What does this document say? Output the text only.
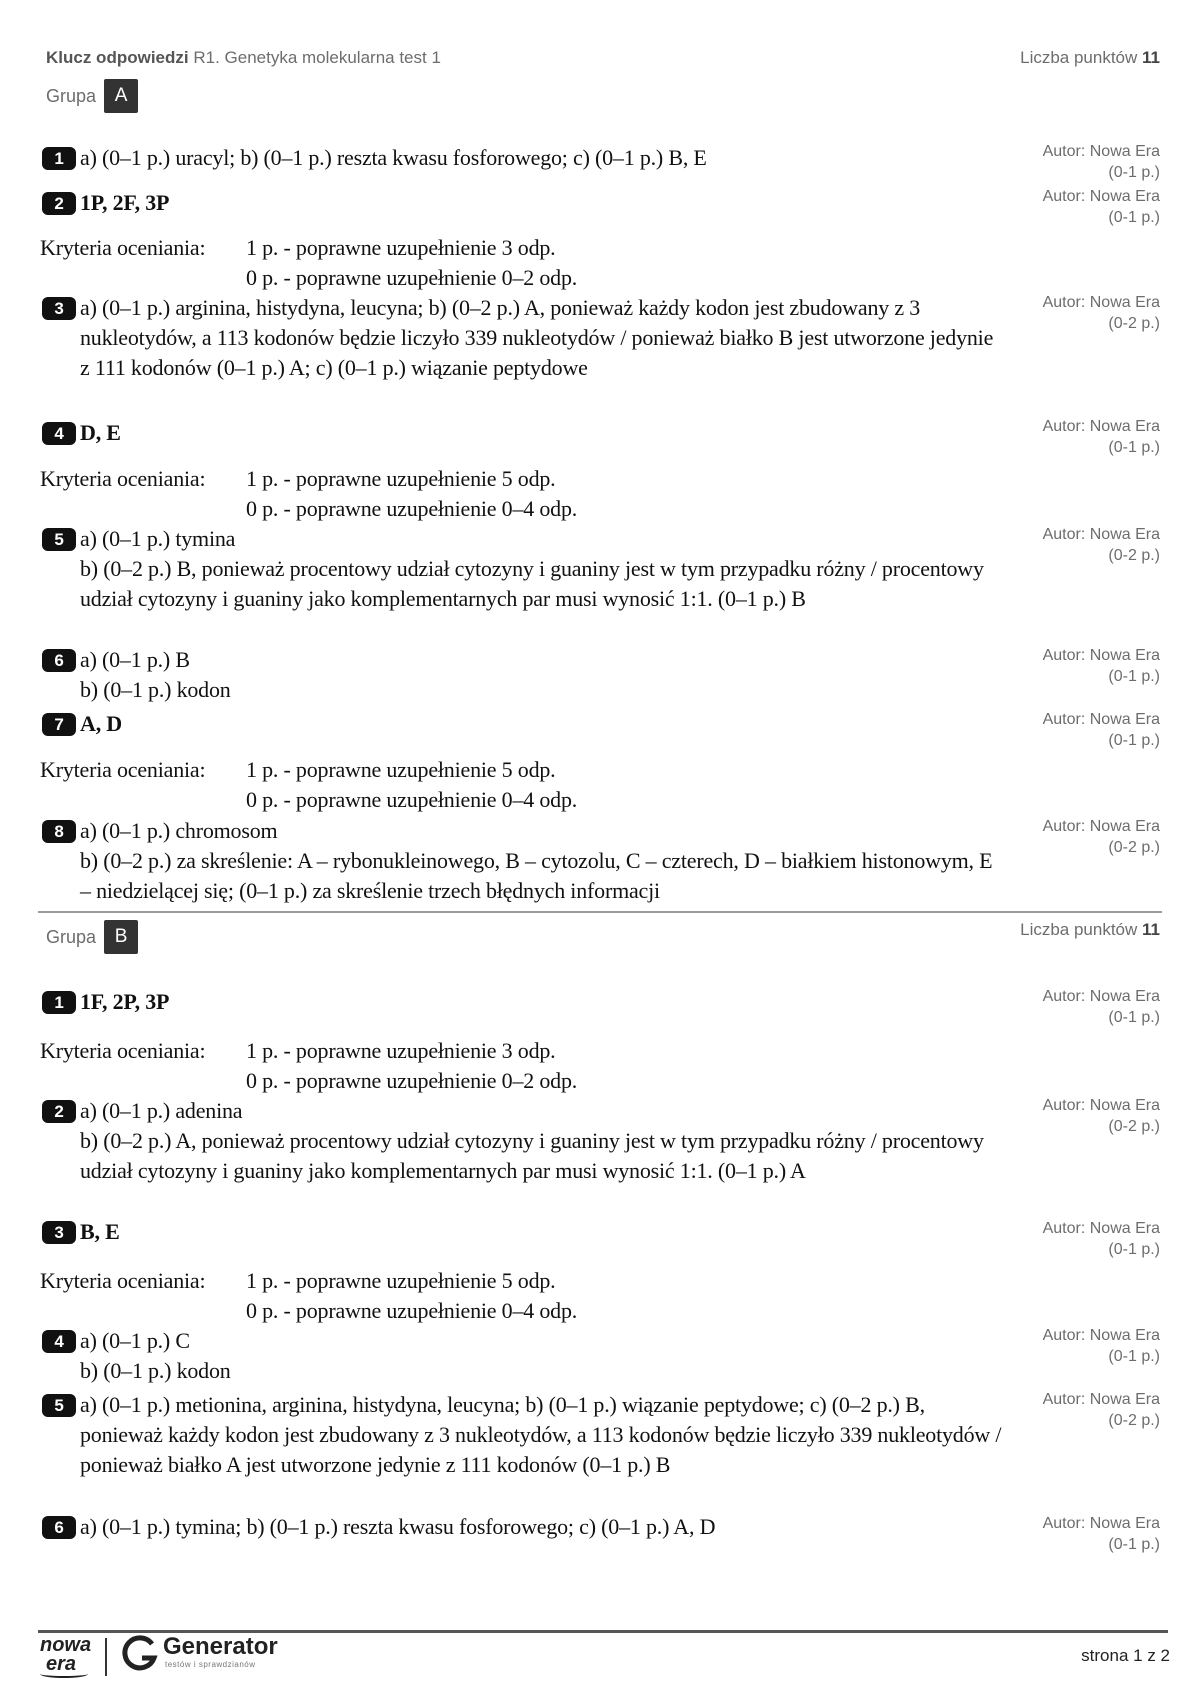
Klucz odpowiedzi R1. Genetyka molekularna test 1	Liczba punktów 11
Grupa A
1 a) (0–1 p.) uracyl; b) (0–1 p.) reszta kwasu fosforowego; c) (0–1 p.) B, E	Autor: Nowa Era
(0-1 p.)
2 1P, 2F, 3P	Autor: Nowa Era
(0-1 p.)
Kryteria oceniania:	1 p. - poprawne uzupełnienie 3 odp.
0 p. - poprawne uzupełnienie 0–2 odp.
3 a) (0–1 p.) arginina, histydyna, leucyna; b) (0–2 p.) A, ponieważ każdy kodon jest zbudowany z 3 nukleotydów, a 113 kodonów będzie liczyło 339 nukleotydów / ponieważ białko B jest utworzone jedynie z 111 kodonów (0–1 p.) A; c) (0–1 p.) wiązanie peptydowe
Autor: Nowa Era
(0-2 p.)
4 D, E	Autor: Nowa Era
(0-1 p.)
Kryteria oceniania:	1 p. - poprawne uzupełnienie 5 odp.
0 p. - poprawne uzupełnienie 0–4 odp.
5 a) (0–1 p.) tymina
b) (0–2 p.) B, ponieważ procentowy udział cytozyny i guaniny jest w tym przypadku różny / procentowy udział cytozyny i guaniny jako komplementarnych par musi wynosić 1:1. (0–1 p.) B
Autor: Nowa Era
(0-2 p.)
6 a) (0–1 p.) B
b) (0–1 p.) kodon
Autor: Nowa Era
(0-1 p.)
7 A, D	Autor: Nowa Era
(0-1 p.)
Kryteria oceniania:	1 p. - poprawne uzupełnienie 5 odp.
0 p. - poprawne uzupełnienie 0–4 odp.
8 a) (0–1 p.) chromosom
b) (0–2 p.) za skreślenie: A – rybonukleinowego, B – cytozolu, C – czterech, D – białkiem histonowym, E – niedzielącej się; (0–1 p.) za skreślenie trzech błędnych informacji
Autor: Nowa Era
(0-2 p.)
Liczba punktów 11
Grupa B
1 1F, 2P, 3P	Autor: Nowa Era
(0-1 p.)
Kryteria oceniania:	1 p. - poprawne uzupełnienie 3 odp.
0 p. - poprawne uzupełnienie 0–2 odp.
2 a) (0–1 p.) adenina
b) (0–2 p.) A, ponieważ procentowy udział cytozyny i guaniny jest w tym przypadku różny / procentowy udział cytozyny i guaniny jako komplementarnych par musi wynosić 1:1. (0–1 p.) A
Autor: Nowa Era
(0-2 p.)
3 B, E	Autor: Nowa Era
(0-1 p.)
Kryteria oceniania:	1 p. - poprawne uzupełnienie 5 odp.
0 p. - poprawne uzupełnienie 0–4 odp.
4 a) (0–1 p.) C
b) (0–1 p.) kodon
Autor: Nowa Era
(0-1 p.)
5 a) (0–1 p.) metionina, arginina, histydyna, leucyna; b) (0–1 p.) wiązanie peptydowe; c) (0–2 p.) B, ponieważ każdy kodon jest zbudowany z 3 nukleotydów, a 113 kodonów będzie liczyło 339 nukleotydów / ponieważ białko A jest utworzone jedynie z 111 kodonów (0–1 p.) B
Autor: Nowa Era
(0-2 p.)
6 a) (0–1 p.) tymina; b) (0–1 p.) reszta kwasu fosforowego; c) (0–1 p.) A, D	Autor: Nowa Era
(0-1 p.)
nowa
era
Generator
testów i sprawdzianów	strona 1 z 2
